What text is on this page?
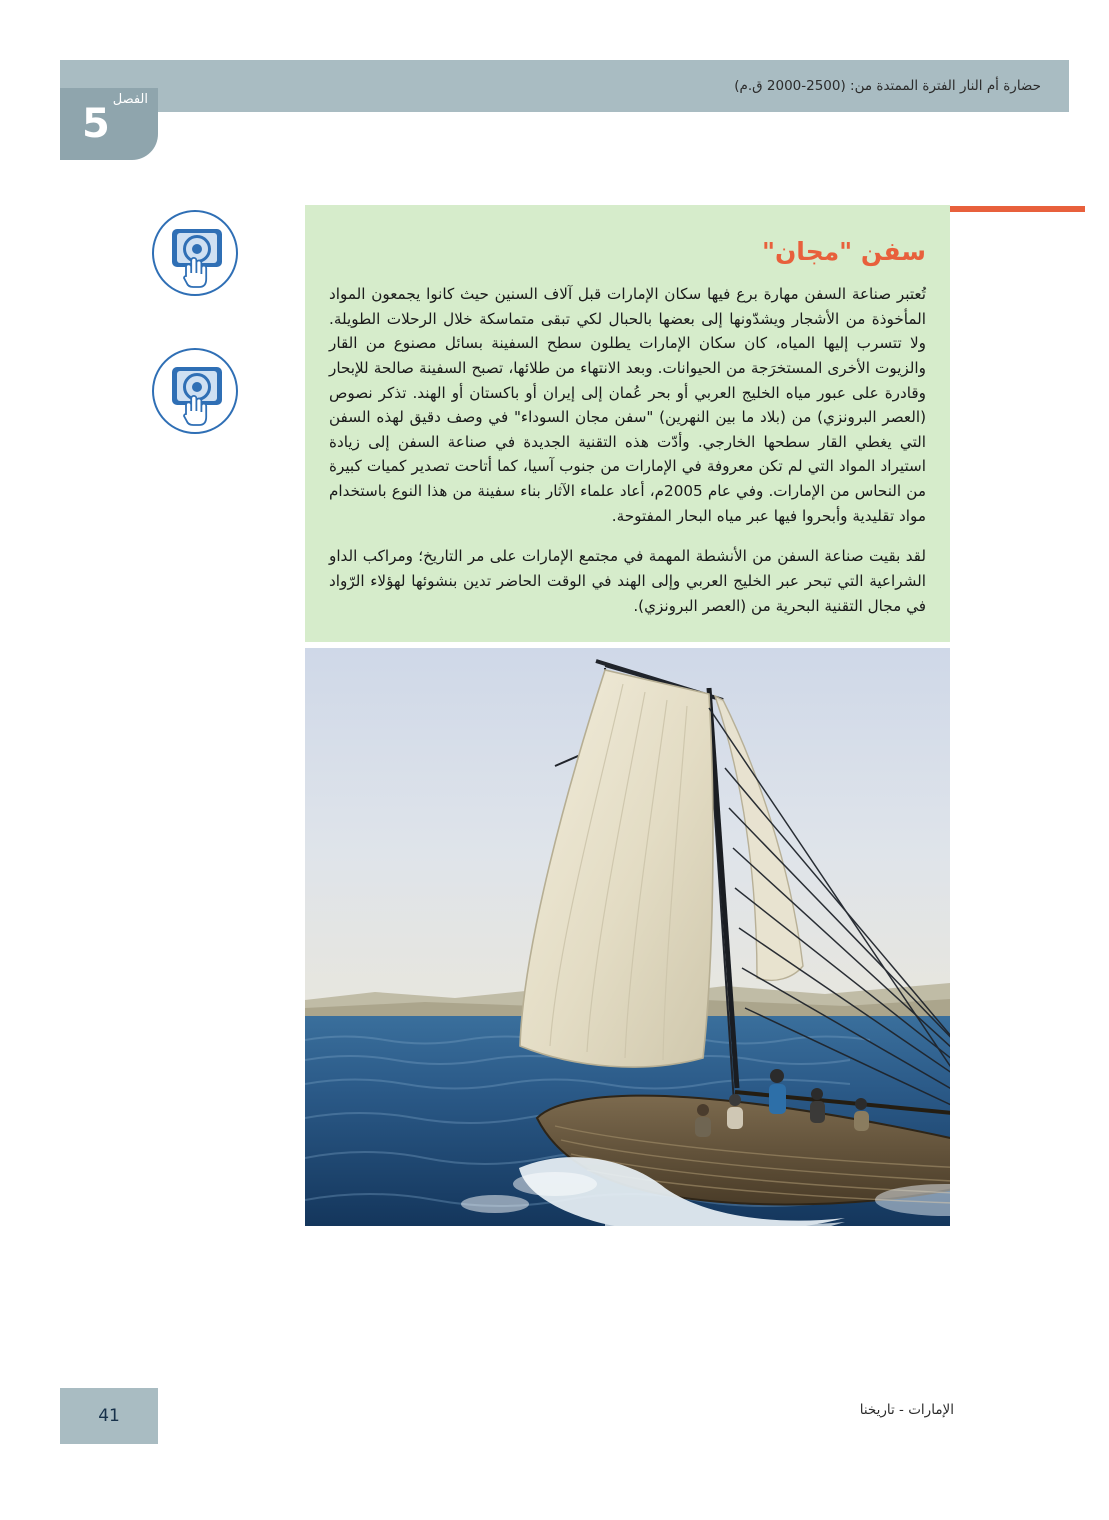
حضارة أم النار الفترة الممتدة من: (2500-2000 ق.م)
الفصل
5
سفن "مجان"

تُعتبر صناعة السفن مهارة برع فيها سكان الإمارات قبل آلاف السنين حيث كانوا يجمعون المواد المأخوذة من الأشجار ويشدّونها إلى بعضها بالحبال لكي تبقى متماسكة خلال الرحلات الطويلة. ولا تتسرب إليها المياه، كان سكان الإمارات يطلون سطح السفينة بسائل مصنوع من القار والزيوت الأخرى المستخرَجة من الحيوانات. وبعد الانتهاء من طلائها، تصبح السفينة صالحة للإبحار وقادرة على عبور مياه الخليج العربي أو بحر عُمان إلى إيران أو باكستان أو الهند. تذكر نصوص (العصر البرونزي) من (بلاد ما بين النهرين) "سفن مجان السوداء" في وصف دقيق لهذه السفن التي يغطي القار سطحها الخارجي. وأدّت هذه التقنية الجديدة في صناعة السفن إلى زيادة استيراد المواد التي لم تكن معروفة في الإمارات من جنوب آسيا، كما أتاحت تصدير كميات كبيرة من النحاس من الإمارات. وفي عام 2005م، أعاد علماء الآثار بناء سفينة من هذا النوع باستخدام مواد تقليدية وأبحروا فيها عبر مياه البحار المفتوحة.

لقد بقيت صناعة السفن من الأنشطة المهمة في مجتمع الإمارات على مر التاريخ؛ ومراكب الداو الشراعية التي تبحر عبر الخليج العربي وإلى الهند في الوقت الحاضر تدين بنشوئها لهؤلاء الرّواد في مجال التقنية البحرية من (العصر البرونزي).

41	الإمارات - تاريخنا
